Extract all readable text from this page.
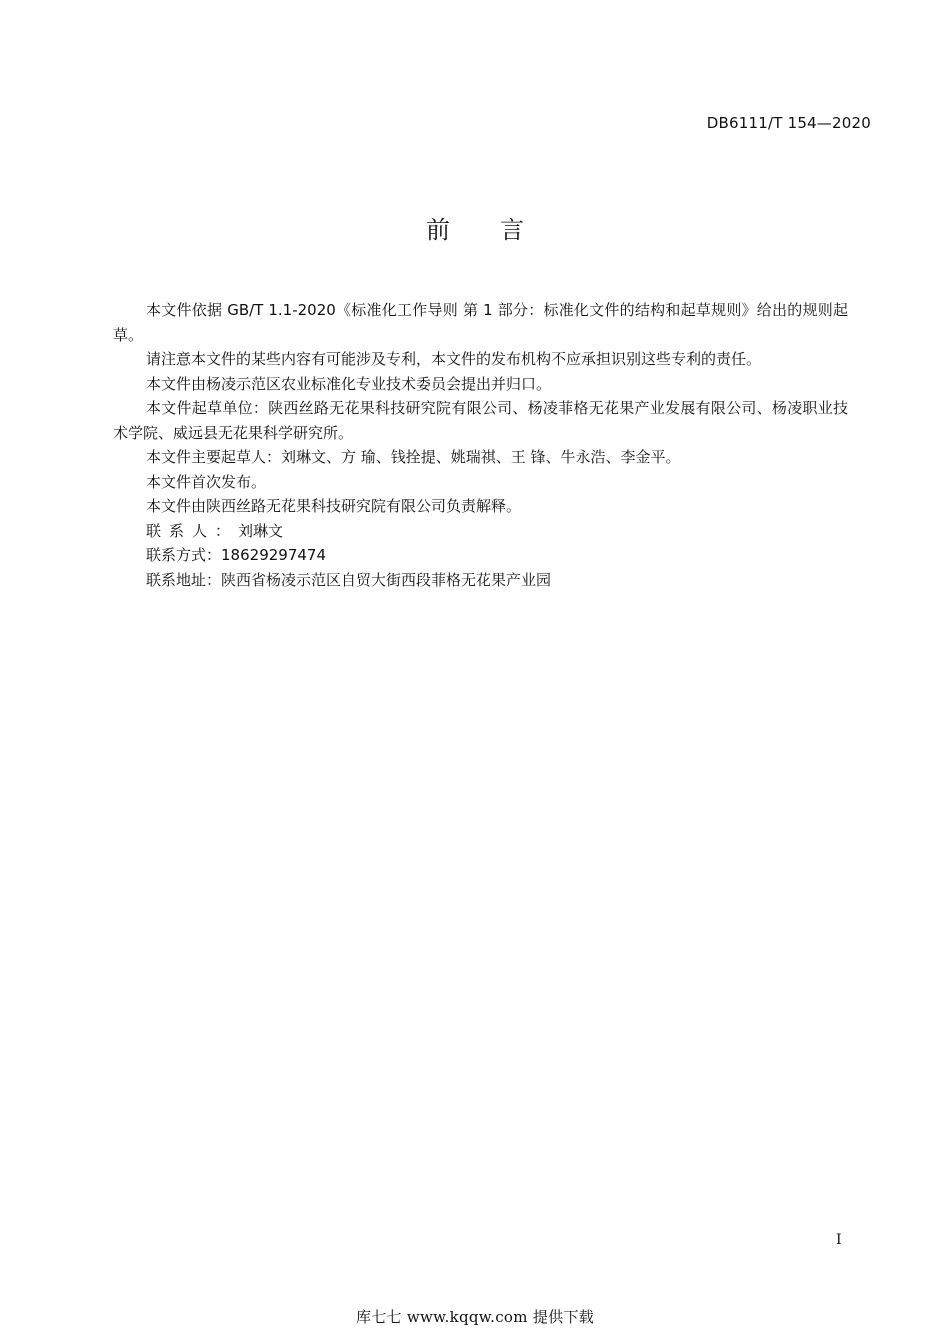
DB6111/T 154—2020
前言

本文件依据 GB/T 1.1-2020《标准化工作导则 第 1 部分：标准化文件的结构和起草规则》给出的规则起草。

请注意本文件的某些内容有可能涉及专利，本文件的发布机构不应承担识别这些专利的责任。

本文件由杨凌示范区农业标准化专业技术委员会提出并归口。

本文件起草单位：陕西丝路无花果科技研究院有限公司、杨凌菲格无花果产业发展有限公司、杨凌职业技术学院、威远县无花果科学研究所。

本文件主要起草人：刘琳文、方 瑜、钱拴提、姚瑞祺、王 锋、牛永浩、李金平。

本文件首次发布。

本文件由陕西丝路无花果科技研究院有限公司负责解释。

联系人：刘琳文

联系方式：18629297474

联系地址：陕西省杨凌示范区自贸大街西段菲格无花果产业园

I
库七七 www.kqqw.com 提供下载
